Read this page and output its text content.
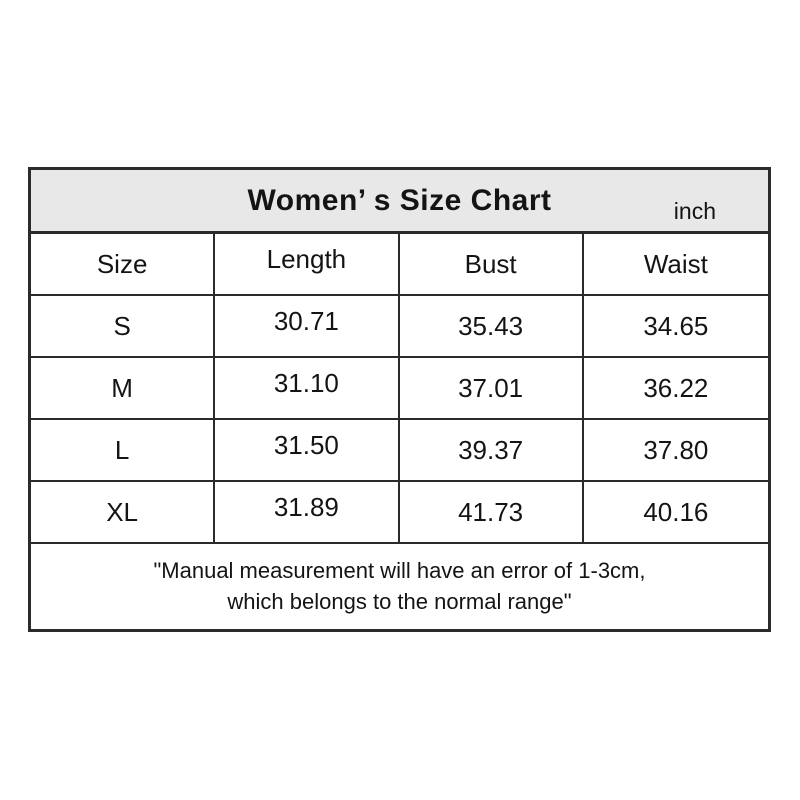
Women’ s Size Chart	inch
Size	Length	Bust	Waist
S	30.71	35.43	34.65
M	31.10	37.01	36.22
L	31.50	39.37	37.80
XL	31.89	41.73	40.16
"Manual measurement will have an error of 1-3cm,
which belongs to the normal range"
